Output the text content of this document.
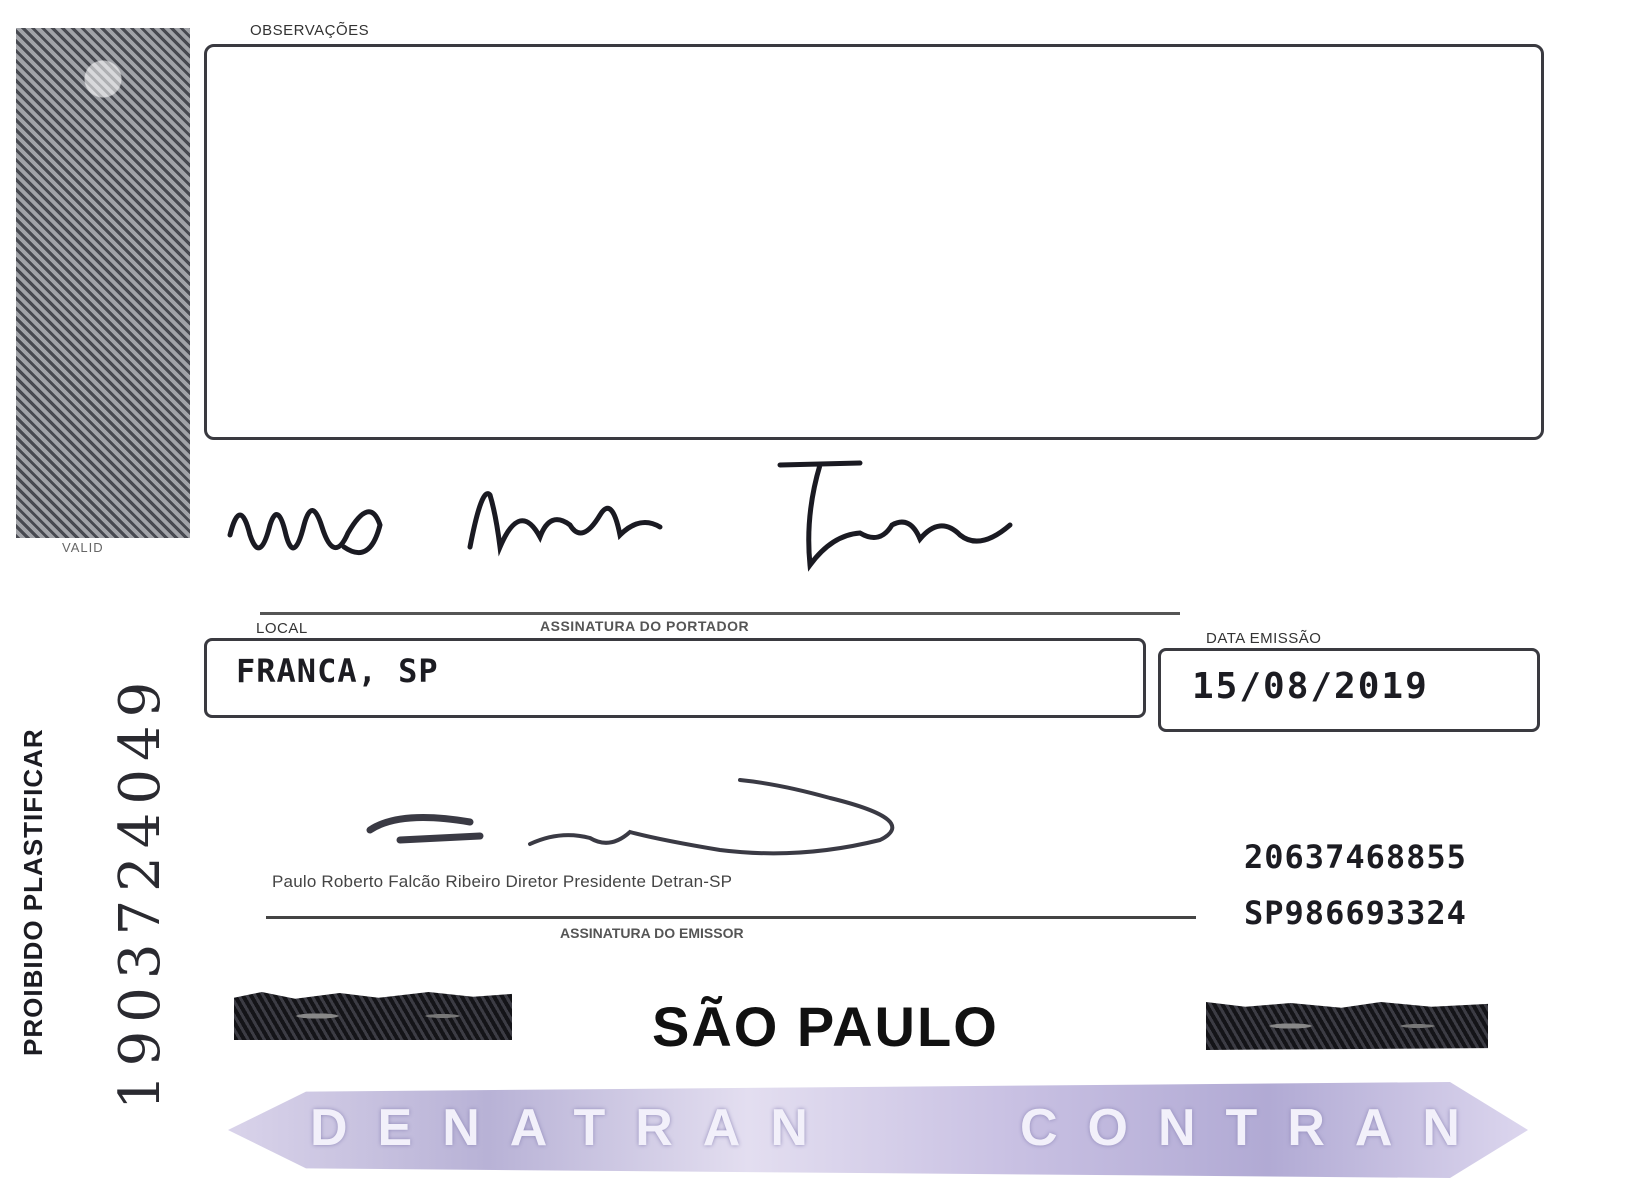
VALID
PROIBIDO PLASTIFICAR 1903724049
OBSERVAÇÕES
ASSINATURA DO PORTADOR
LOCAL
FRANCA, SP
DATA EMISSÃO
15/08/2019
Paulo Roberto Falcão Ribeiro Diretor Presidente Detran-SP
ASSINATURA DO EMISSOR
20637468855
SP986693324
SÃO PAULO
DENATRAN	CONTRAN
